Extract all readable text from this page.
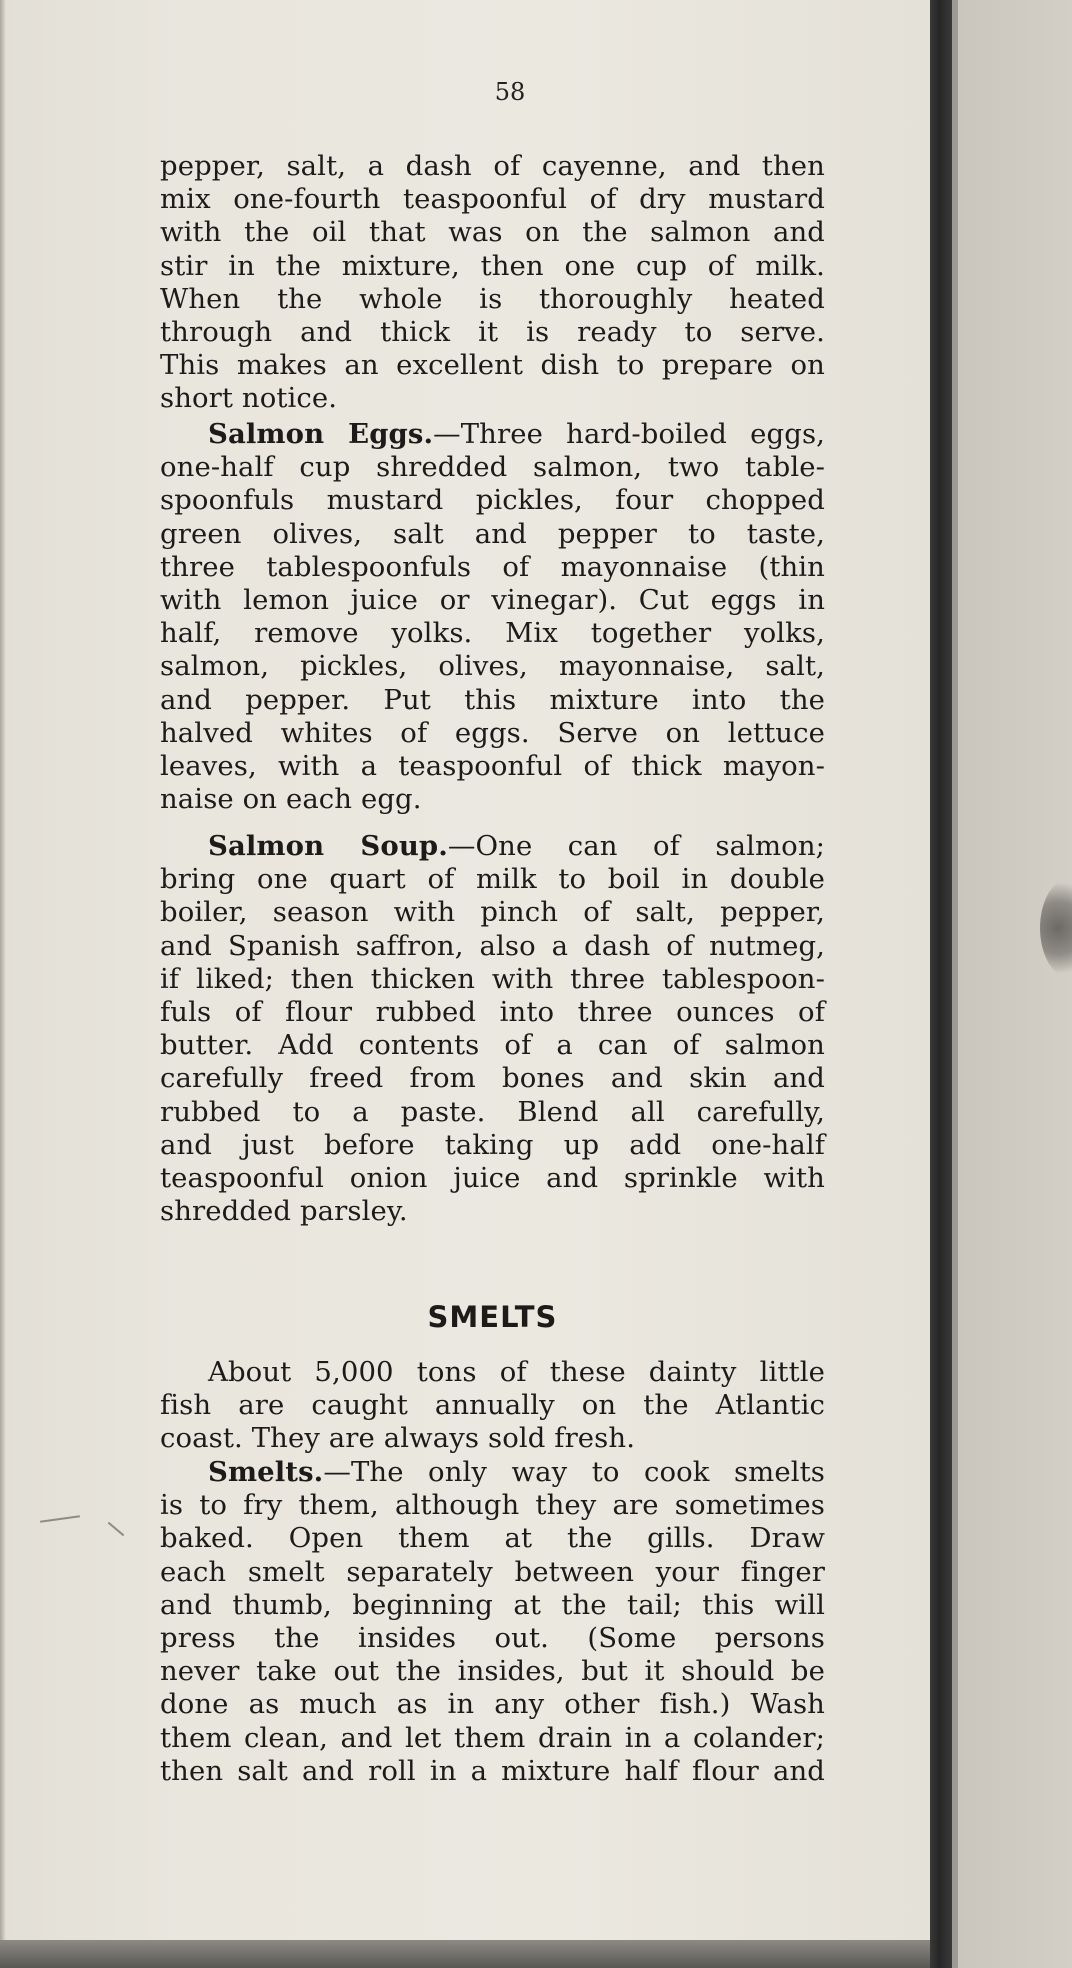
58
pepper, salt, a dash of cayenne, and then
mix one-fourth teaspoonful of dry mustard
with the oil that was on the salmon and
stir in the mixture, then one cup of milk.
When the whole is thoroughly heated
through and thick it is ready to serve.
This makes an excellent dish to prepare on
short notice.
Salmon Eggs.—Three hard-boiled eggs,
one-half cup shredded salmon, two table-
spoonfuls mustard pickles, four chopped
green olives, salt and pepper to taste,
three tablespoonfuls of mayonnaise (thin
with lemon juice or vinegar). Cut eggs in
half, remove yolks. Mix together yolks,
salmon, pickles, olives, mayonnaise, salt,
and pepper. Put this mixture into the
halved whites of eggs. Serve on lettuce
leaves, with a teaspoonful of thick mayon-
naise on each egg.
Salmon Soup.—One can of salmon;
bring one quart of milk to boil in double
boiler, season with pinch of salt, pepper,
and Spanish saffron, also a dash of nutmeg,
if liked; then thicken with three tablespoon-
fuls of flour rubbed into three ounces of
butter. Add contents of a can of salmon
carefully freed from bones and skin and
rubbed to a paste. Blend all carefully,
and just before taking up add one-half
teaspoonful onion juice and sprinkle with
shredded parsley.
SMELTS
About 5,000 tons of these dainty little
fish are caught annually on the Atlantic
coast. They are always sold fresh.
Smelts.—The only way to cook smelts
is to fry them, although they are sometimes
baked. Open them at the gills. Draw
each smelt separately between your finger
and thumb, beginning at the tail; this will
press the insides out. (Some persons
never take out the insides, but it should be
done as much as in any other fish.) Wash
them clean, and let them drain in a colander;
then salt and roll in a mixture half flour and
